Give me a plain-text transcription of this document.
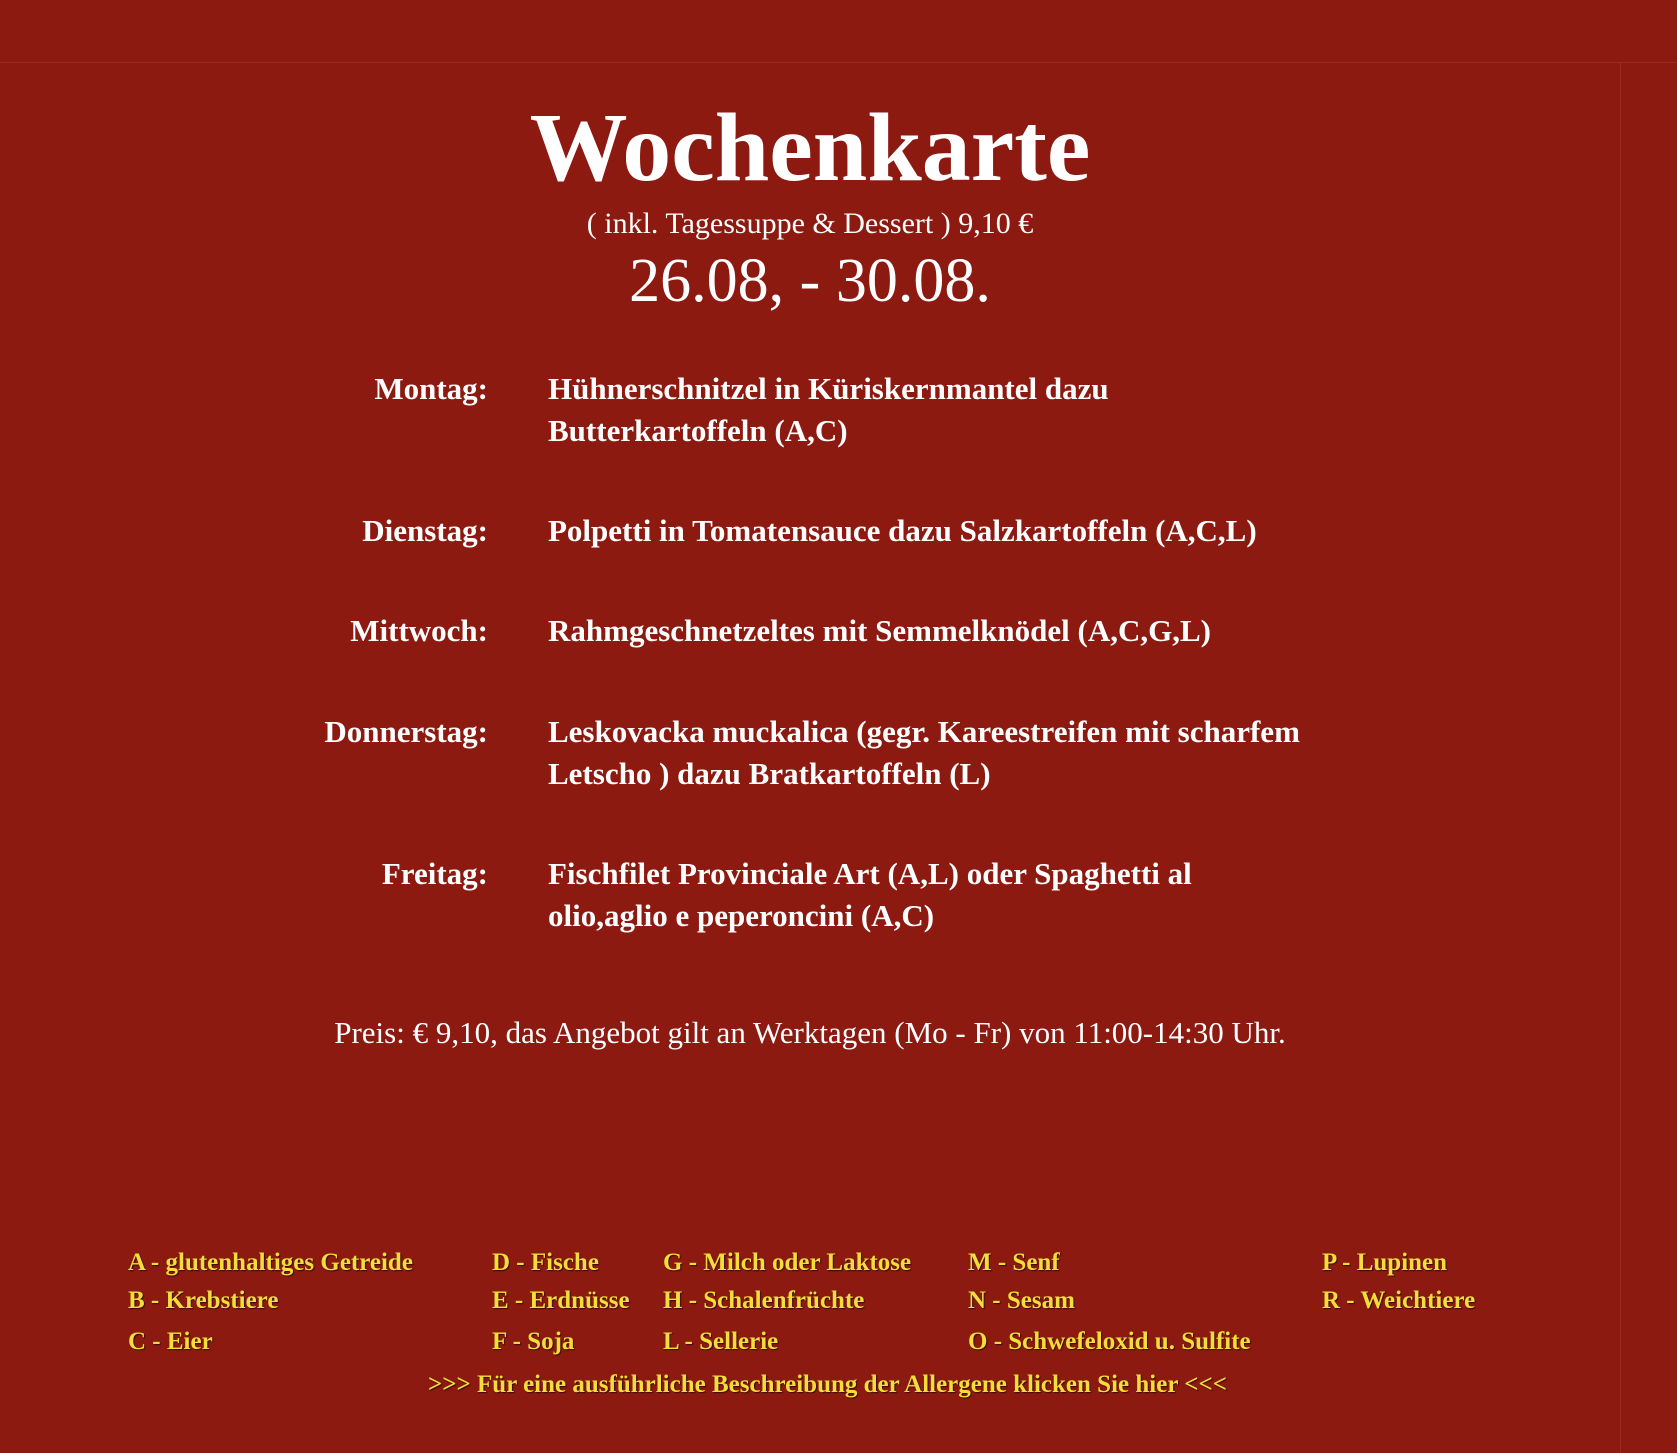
Wochenkarte
( inkl. Tagessuppe & Dessert ) 9,10 €
26.08, - 30.08.
Montag: Hühnerschnitzel in Küriskernmantel dazu
Butterkartoffeln (A,C)
Dienstag: Polpetti in Tomatensauce dazu Salzkartoffeln (A,C,L)
Mittwoch: Rahmgeschnetzeltes mit Semmelknödel (A,C,G,L)
Donnerstag: Leskovacka muckalica (gegr. Kareestreifen mit scharfem
Letscho ) dazu Bratkartoffeln (L)
Freitag: Fischfilet Provinciale Art (A,L) oder Spaghetti al
olio,aglio e peperoncini (A,C)
Preis: € 9,10, das Angebot gilt an Werktagen (Mo - Fr) von 11:00-14:30 Uhr.
A - glutenhaltiges Getreide
B - Krebstiere
C - Eier
D - Fische
E - Erdnüsse
F - Soja
G - Milch oder Laktose
H - Schalenfrüchte
L - Sellerie
M - Senf
N - Sesam
O - Schwefeloxid u. Sulfite
P - Lupinen
R - Weichtiere
>>> Für eine ausführliche Beschreibung der Allergene klicken Sie hier <<<
